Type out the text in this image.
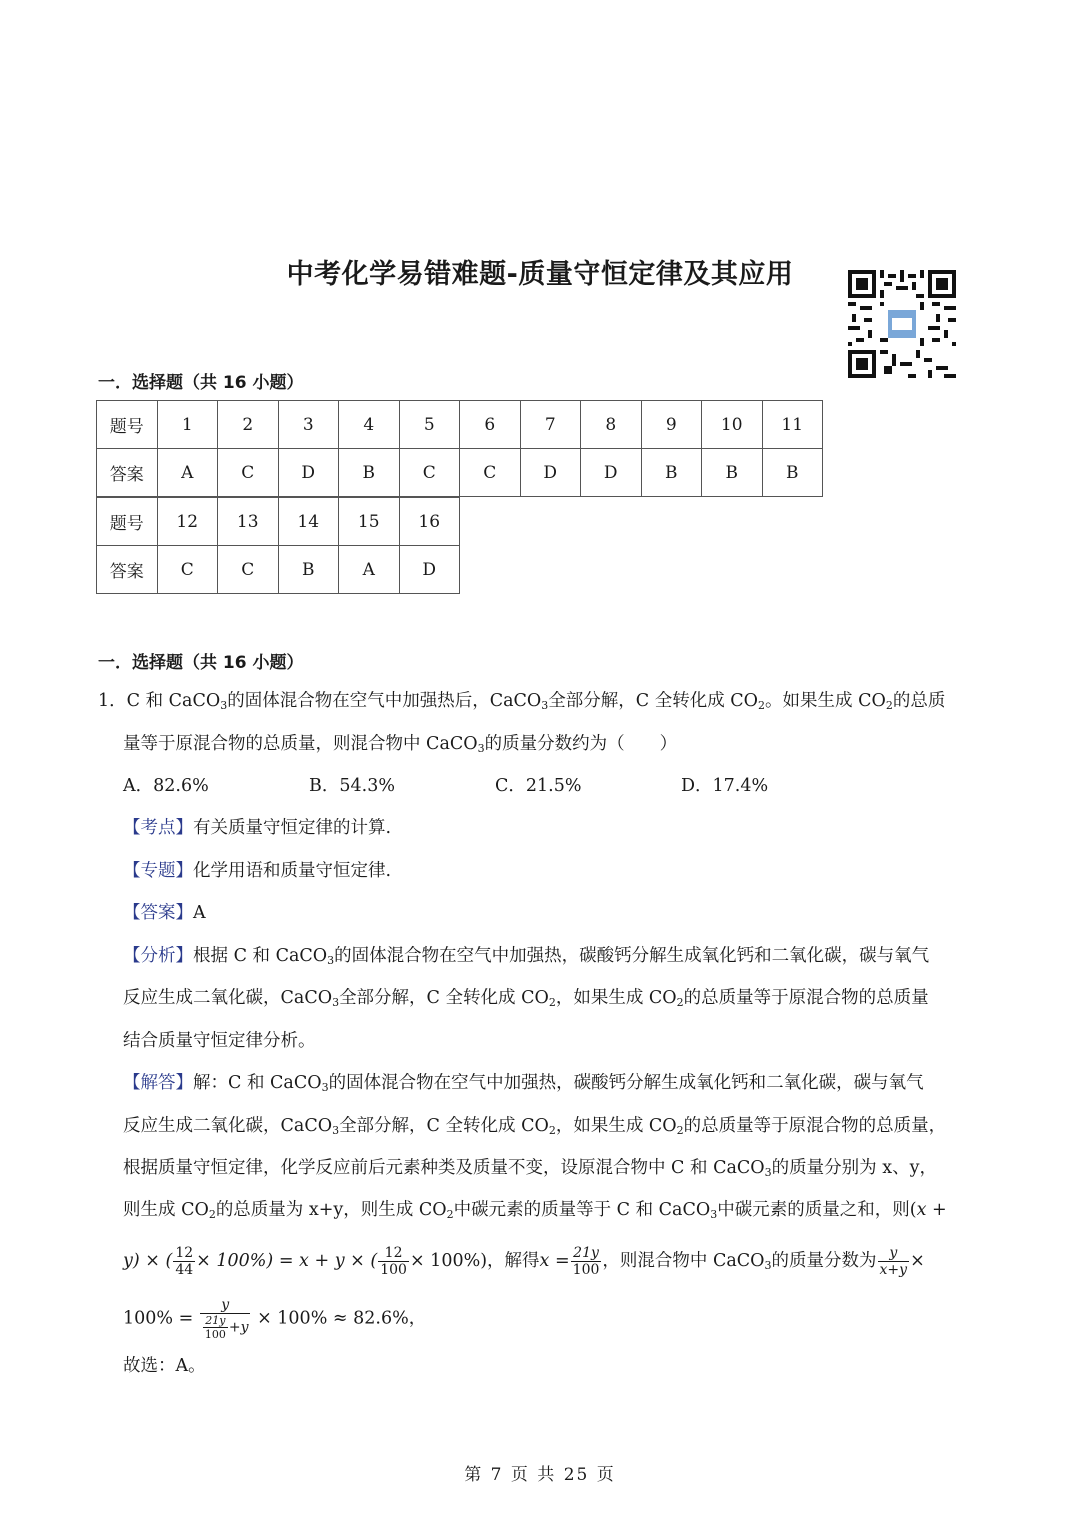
中考化学易错难题-质量守恒定律及其应用
一．选择题（共 16 小题）
题号	1	2	3	4	5	6	7	8	9	10	11
答案	A	C	D	B	C	C	D	D	B	B	B
题号	12	13	14	15	16
答案	C	C	B	A	D
一．选择题（共 16 小题）
1．C 和 CaCO$_3$的固体混合物在空气中加强热后，CaCO$_3$全部分解，C 全转化成 $CO_2$。如果生成 $CO_2$的总质
量等于原混合物的总质量，则混合物中 CaCO$_3$的质量分数约为（　　）
A．82.6%	B．54.3%	C．21.5%	D．17.4%
【考点】有关质量守恒定律的计算.
【专题】化学用语和质量守恒定律.
【答案】A
【分析】根据 C 和 CaCO$_3$的固体混合物在空气中加强热，碳酸钙分解生成氧化钙和二氧化碳，碳与氧气
反应生成二氧化碳，CaCO$_3$全部分解，C 全转化成 $CO_2$，如果生成 $CO_2$的总质量等于原混合物的总质量
结合质量守恒定律分析。
【解答】解：C 和 CaCO$_3$的固体混合物在空气中加强热，碳酸钙分解生成氧化钙和二氧化碳，碳与氧气
反应生成二氧化碳，CaCO$_3$全部分解，C 全转化成 $CO_2$，如果生成 $CO_2$的总质量等于原混合物的总质量，
根据质量守恒定律，化学反应前后元素种类及质量不变，设原混合物中 C 和 CaCO$_3$的质量分别为 x、y，
则生成 $CO_2$的总质量为 x+y，则生成 $CO_2$中碳元素的质量等于 C 和 CaCO$_3$中碳元素的质量之和，则(x +
y) × ( $\frac{12}{44} \times 100\%) = x + y$ × ( $\frac{12}{100} \times 100\%$)，解得$x = \frac{21y}{100}$ ，则混合物中 CaCO$_3$的质量分数为 $\frac{y}{x+y}$ ×
$100\% = \frac{y}{\frac{21y}{100} +y} \times 100\% \approx 82.6\%$，
故选：A。
第 7 页 共 25 页
